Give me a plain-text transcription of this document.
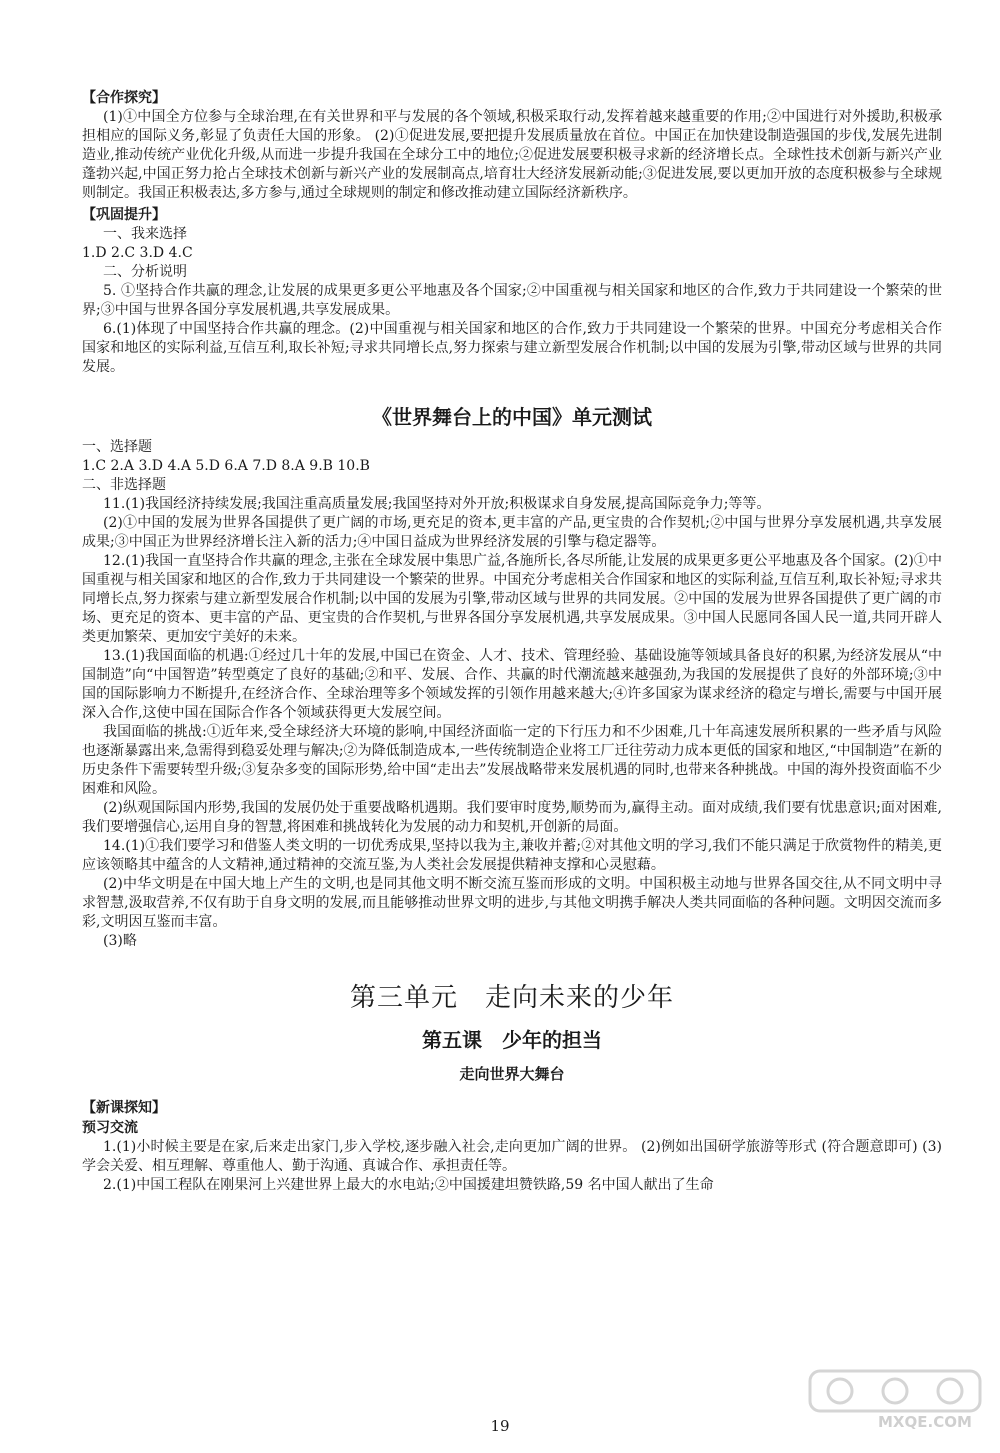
【合作探究】

(1)①中国全方位参与全球治理,在有关世界和平与发展的各个领域,积极采取行动,发挥着越来越重要的作用;②中国进行对外援助,积极承担相应的国际义务,彰显了负责任大国的形象。 (2)①促进发展,要把提升发展质量放在首位。中国正在加快建设制造强国的步伐,发展先进制造业,推动传统产业优化升级,从而进一步提升我国在全球分工中的地位;②促进发展要积极寻求新的经济增长点。全球性技术创新与新兴产业蓬勃兴起,中国正努力抢占全球技术创新与新兴产业的发展制高点,培育壮大经济发展新动能;③促进发展,要以更加开放的态度积极参与全球规则制定。我国正积极表达,多方参与,通过全球规则的制定和修改推动建立国际经济新秩序。

【巩固提升】

一、我来选择

1.D 2.C 3.D 4.C

二、分析说明

5. ①坚持合作共赢的理念,让发展的成果更多更公平地惠及各个国家;②中国重视与相关国家和地区的合作,致力于共同建设一个繁荣的世界;③中国与世界各国分享发展机遇,共享发展成果。

6.(1)体现了中国坚持合作共赢的理念。(2)中国重视与相关国家和地区的合作,致力于共同建设一个繁荣的世界。中国充分考虑相关合作国家和地区的实际利益,互信互利,取长补短;寻求共同增长点,努力探索与建立新型发展合作机制;以中国的发展为引擎,带动区域与世界的共同发展。

《世界舞台上的中国》单元测试

一、选择题

1.C 2.A 3.D 4.A 5.D 6.A 7.D 8.A 9.B 10.B

二、非选择题

11.(1)我国经济持续发展;我国注重高质量发展;我国坚持对外开放;积极谋求自身发展,提高国际竞争力;等等。

(2)①中国的发展为世界各国提供了更广阔的市场,更充足的资本,更丰富的产品,更宝贵的合作契机;②中国与世界分享发展机遇,共享发展成果;③中国正为世界经济增长注入新的活力;④中国日益成为世界经济发展的引擎与稳定器等。

12.(1)我国一直坚持合作共赢的理念,主张在全球发展中集思广益,各施所长,各尽所能,让发展的成果更多更公平地惠及各个国家。(2)①中国重视与相关国家和地区的合作,致力于共同建设一个繁荣的世界。中国充分考虑相关合作国家和地区的实际利益,互信互利,取长补短;寻求共同增长点,努力探索与建立新型发展合作机制;以中国的发展为引擎,带动区域与世界的共同发展。②中国的发展为世界各国提供了更广阔的市场、更充足的资本、更丰富的产品、更宝贵的合作契机,与世界各国分享发展机遇,共享发展成果。③中国人民愿同各国人民一道,共同开辟人类更加繁荣、更加安宁美好的未来。

13.(1)我国面临的机遇:①经过几十年的发展,中国已在资金、人才、技术、管理经验、基础设施等领域具备良好的积累,为经济发展从“中国制造”向“中国智造”转型奠定了良好的基础;②和平、发展、合作、共赢的时代潮流越来越强劲,为我国的发展提供了良好的外部环境;③中国的国际影响力不断提升,在经济合作、全球治理等多个领域发挥的引领作用越来越大;④许多国家为谋求经济的稳定与增长,需要与中国开展深入合作,这使中国在国际合作各个领域获得更大发展空间。

我国面临的挑战:①近年来,受全球经济大环境的影响,中国经济面临一定的下行压力和不少困难,几十年高速发展所积累的一些矛盾与风险也逐渐暴露出来,急需得到稳妥处理与解决;②为降低制造成本,一些传统制造企业将工厂迁往劳动力成本更低的国家和地区,“中国制造”在新的历史条件下需要转型升级;③复杂多变的国际形势,给中国“走出去”发展战略带来发展机遇的同时,也带来各种挑战。中国的海外投资面临不少困难和风险。

(2)纵观国际国内形势,我国的发展仍处于重要战略机遇期。我们要审时度势,顺势而为,赢得主动。面对成绩,我们要有忧患意识;面对困难,我们要增强信心,运用自身的智慧,将困难和挑战转化为发展的动力和契机,开创新的局面。

14.(1)①我们要学习和借鉴人类文明的一切优秀成果,坚持以我为主,兼收并蓄;②对其他文明的学习,我们不能只满足于欣赏物件的精美,更应该领略其中蕴含的人文精神,通过精神的交流互鉴,为人类社会发展提供精神支撑和心灵慰藉。

(2)中华文明是在中国大地上产生的文明,也是同其他文明不断交流互鉴而形成的文明。中国积极主动地与世界各国交往,从不同文明中寻求智慧,汲取营养,不仅有助于自身文明的发展,而且能够推动世界文明的进步,与其他文明携手解决人类共同面临的各种问题。文明因交流而多彩,文明因互鉴而丰富。

(3)略

第三单元　走向未来的少年
第五课　少年的担当
走向世界大舞台
【新课探知】
预习交流

1.(1)小时候主要是在家,后来走出家门,步入学校,逐步融入社会,走向更加广阔的世界。 (2)例如出国研学旅游等形式 (符合题意即可) (3)学会关爱、相互理解、尊重他人、勤于沟通、真诚合作、承担责任等。

2.(1)中国工程队在刚果河上兴建世界上最大的水电站;②中国援建坦赞铁路,59 名中国人献出了生命

19	MXQE.COM
